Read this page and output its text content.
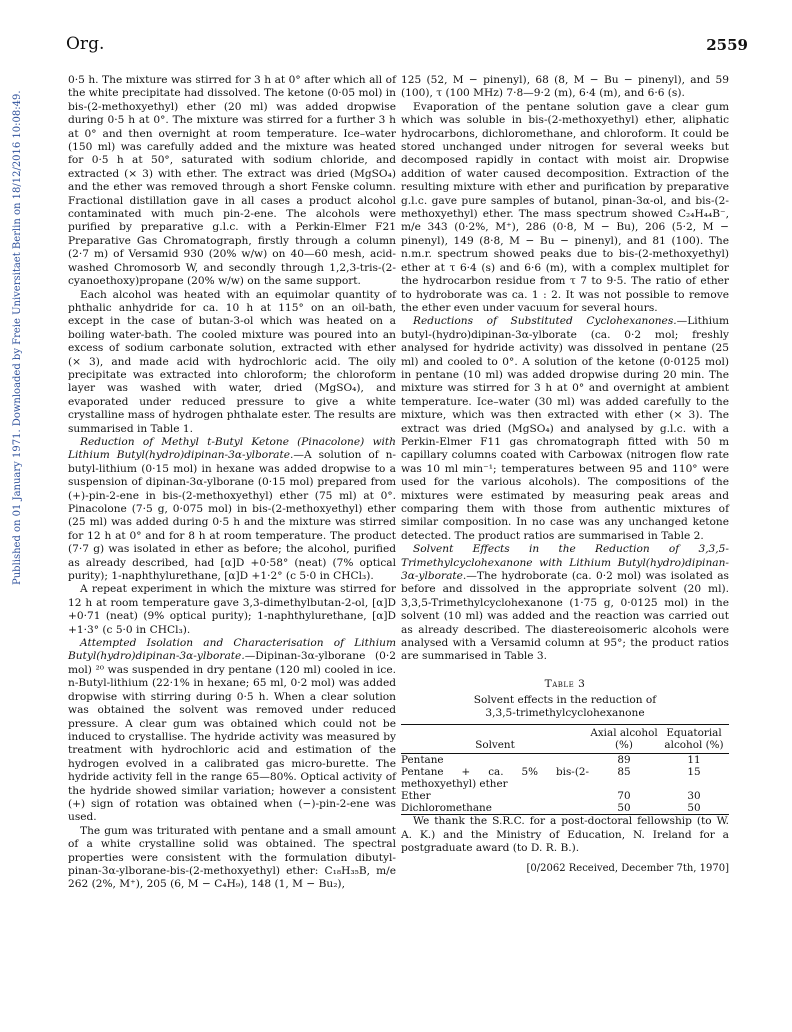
Org.	2559
Published on 01 January 1971. Downloaded by Freie Universitaet Berlin on 18/12/2016 10:08:49.

0·5 h. The mixture was stirred for 3 h at 0° after which all of the white precipitate had dissolved. The ketone (0·05 mol) in bis-(2-methoxyethyl) ether (20 ml) was added dropwise during 0·5 h at 0°. The mixture was stirred for a further 3 h at 0° and then overnight at room temperature. Ice–water (150 ml) was carefully added and the mixture was heated for 0·5 h at 50°, saturated with sodium chloride, and extracted (× 3) with ether. The extract was dried (MgSO₄) and the ether was removed through a short Fenske column. Fractional distillation gave in all cases a product alcohol contaminated with much pin-2-ene. The alcohols were purified by preparative g.l.c. with a Perkin-Elmer F21 Preparative Gas Chromatograph, firstly through a column (2·7 m) of Versamid 930 (20% w/w) on 40—60 mesh, acid-washed Chromosorb W, and secondly through 1,2,3-tris-(2-cyanoethoxy)propane (20% w/w) on the same support.

Each alcohol was heated with an equimolar quantity of phthalic anhydride for ca. 10 h at 115° on an oil-bath, except in the case of butan-3-ol which was heated on a boiling water-bath. The cooled mixture was poured into an excess of sodium carbonate solution, extracted with ether (× 3), and made acid with hydrochloric acid. The oily precipitate was extracted into chloroform; the chloroform layer was washed with water, dried (MgSO₄), and evaporated under reduced pressure to give a white crystalline mass of hydrogen phthalate ester. The results are summarised in Table 1.

Reduction of Methyl t-Butyl Ketone (Pinacolone) with Lithium Butyl(hydro)dipinan-3α-ylborate.—A solution of n-butyl-lithium (0·15 mol) in hexane was added dropwise to a suspension of dipinan-3α-ylborane (0·15 mol) prepared from (+)-pin-2-ene in bis-(2-methoxyethyl) ether (75 ml) at 0°. Pinacolone (7·5 g, 0·075 mol) in bis-(2-methoxyethyl) ether (25 ml) was added during 0·5 h and the mixture was stirred for 12 h at 0° and for 8 h at room temperature. The product (7·7 g) was isolated in ether as before; the alcohol, purified as already described, had [α]D +0·58° (neat) (7% optical purity); 1-naphthylurethane, [α]D +1·2° (c 5·0 in CHCl₃).

A repeat experiment in which the mixture was stirred for 12 h at room temperature gave 3,3-dimethylbutan-2-ol, [α]D +0·71 (neat) (9% optical purity); 1-naphthylurethane, [α]D +1·3° (c 5·0 in CHCl₃).

Attempted Isolation and Characterisation of Lithium Butyl(hydro)dipinan-3α-ylborate.—Dipinan-3α-ylborane (0·2 mol) ²⁰ was suspended in dry pentane (120 ml) cooled in ice. n-Butyl-lithium (22·1% in hexane; 65 ml, 0·2 mol) was added dropwise with stirring during 0·5 h. When a clear solution was obtained the solvent was removed under reduced pressure. A clear gum was obtained which could not be induced to crystallise. The hydride activity was measured by treatment with hydrochloric acid and estimation of the hydrogen evolved in a calibrated gas micro-burette. The hydride activity fell in the range 65—80%. Optical activity of the hydride showed similar variation; however a consistent (+) sign of rotation was obtained when (−)-pin-2-ene was used.

The gum was triturated with pentane and a small amount of a white crystalline solid was obtained. The spectral properties were consistent with the formulation dibutyl-pinan-3α-ylborane-bis-(2-methoxyethyl) ether: C₁₈H₃₅B, m/e 262 (2%, M⁺), 205 (6, M − C₄H₉), 148 (1, M − Bu₂),

125 (52, M − pinenyl), 68 (8, M − Bu − pinenyl), and 59 (100), τ (100 MHz) 7·8—9·2 (m), 6·4 (m), and 6·6 (s).

Evaporation of the pentane solution gave a clear gum which was soluble in bis-(2-methoxyethyl) ether, aliphatic hydrocarbons, dichloromethane, and chloroform. It could be stored unchanged under nitrogen for several weeks but decomposed rapidly in contact with moist air. Dropwise addition of water caused decomposition. Extraction of the resulting mixture with ether and purification by preparative g.l.c. gave pure samples of butanol, pinan-3α-ol, and bis-(2-methoxyethyl) ether. The mass spectrum showed C₂₄H₄₄B⁻, m/e 343 (0·2%, M⁺), 286 (0·8, M − Bu), 206 (5·2, M − pinenyl), 149 (8·8, M − Bu − pinenyl), and 81 (100). The n.m.r. spectrum showed peaks due to bis-(2-methoxyethyl) ether at τ 6·4 (s) and 6·6 (m), with a complex multiplet for the hydrocarbon residue from τ 7 to 9·5. The ratio of ether to hydroborate was ca. 1 : 2. It was not possible to remove the ether even under vacuum for several hours.

Reductions of Substituted Cyclohexanones.—Lithium butyl-(hydro)dipinan-3α-ylborate (ca. 0·2 mol; freshly analysed for hydride activity) was dissolved in pentane (25 ml) and cooled to 0°. A solution of the ketone (0·0125 mol) in pentane (10 ml) was added dropwise during 20 min. The mixture was stirred for 3 h at 0° and overnight at ambient temperature. Ice–water (30 ml) was added carefully to the mixture, which was then extracted with ether (× 3). The extract was dried (MgSO₄) and analysed by g.l.c. with a Perkin-Elmer F11 gas chromatograph fitted with 50 m capillary columns coated with Carbowax (nitrogen flow rate was 10 ml min⁻¹; temperatures between 95 and 110° were used for the various alcohols). The compositions of the mixtures were estimated by measuring peak areas and comparing them with those from authentic mixtures of similar composition. In no case was any unchanged ketone detected. The product ratios are summarised in Table 2.

Solvent Effects in the Reduction of 3,3,5-Trimethylcyclohexanone with Lithium Butyl(hydro)dipinan-3α-ylborate.—The hydroborate (ca. 0·2 mol) was isolated as before and dissolved in the appropriate solvent (20 ml). 3,3,5-Trimethylcyclohexanone (1·75 g, 0·0125 mol) in the solvent (10 ml) was added and the reaction was carried out as already described. The diastereoisomeric alcohols were analysed with a Versamid column at 95°; the product ratios are summarised in Table 3.

Table 3
Solvent effects in the reduction of
3,3,5-trimethylcyclohexanone
Solvent	Axial alcohol (%)	Equatorial alcohol (%)
Pentane	89	11
Pentane + ca. 5% bis-(2-methoxyethyl) ether	85	15
Ether	70	30
Dichloromethane	50	50

We thank the S.R.C. for a post-doctoral fellowship (to W. A. K.) and the Ministry of Education, N. Ireland for a postgraduate award (to D. R. B.).

[0/2062 Received, December 7th, 1970]
